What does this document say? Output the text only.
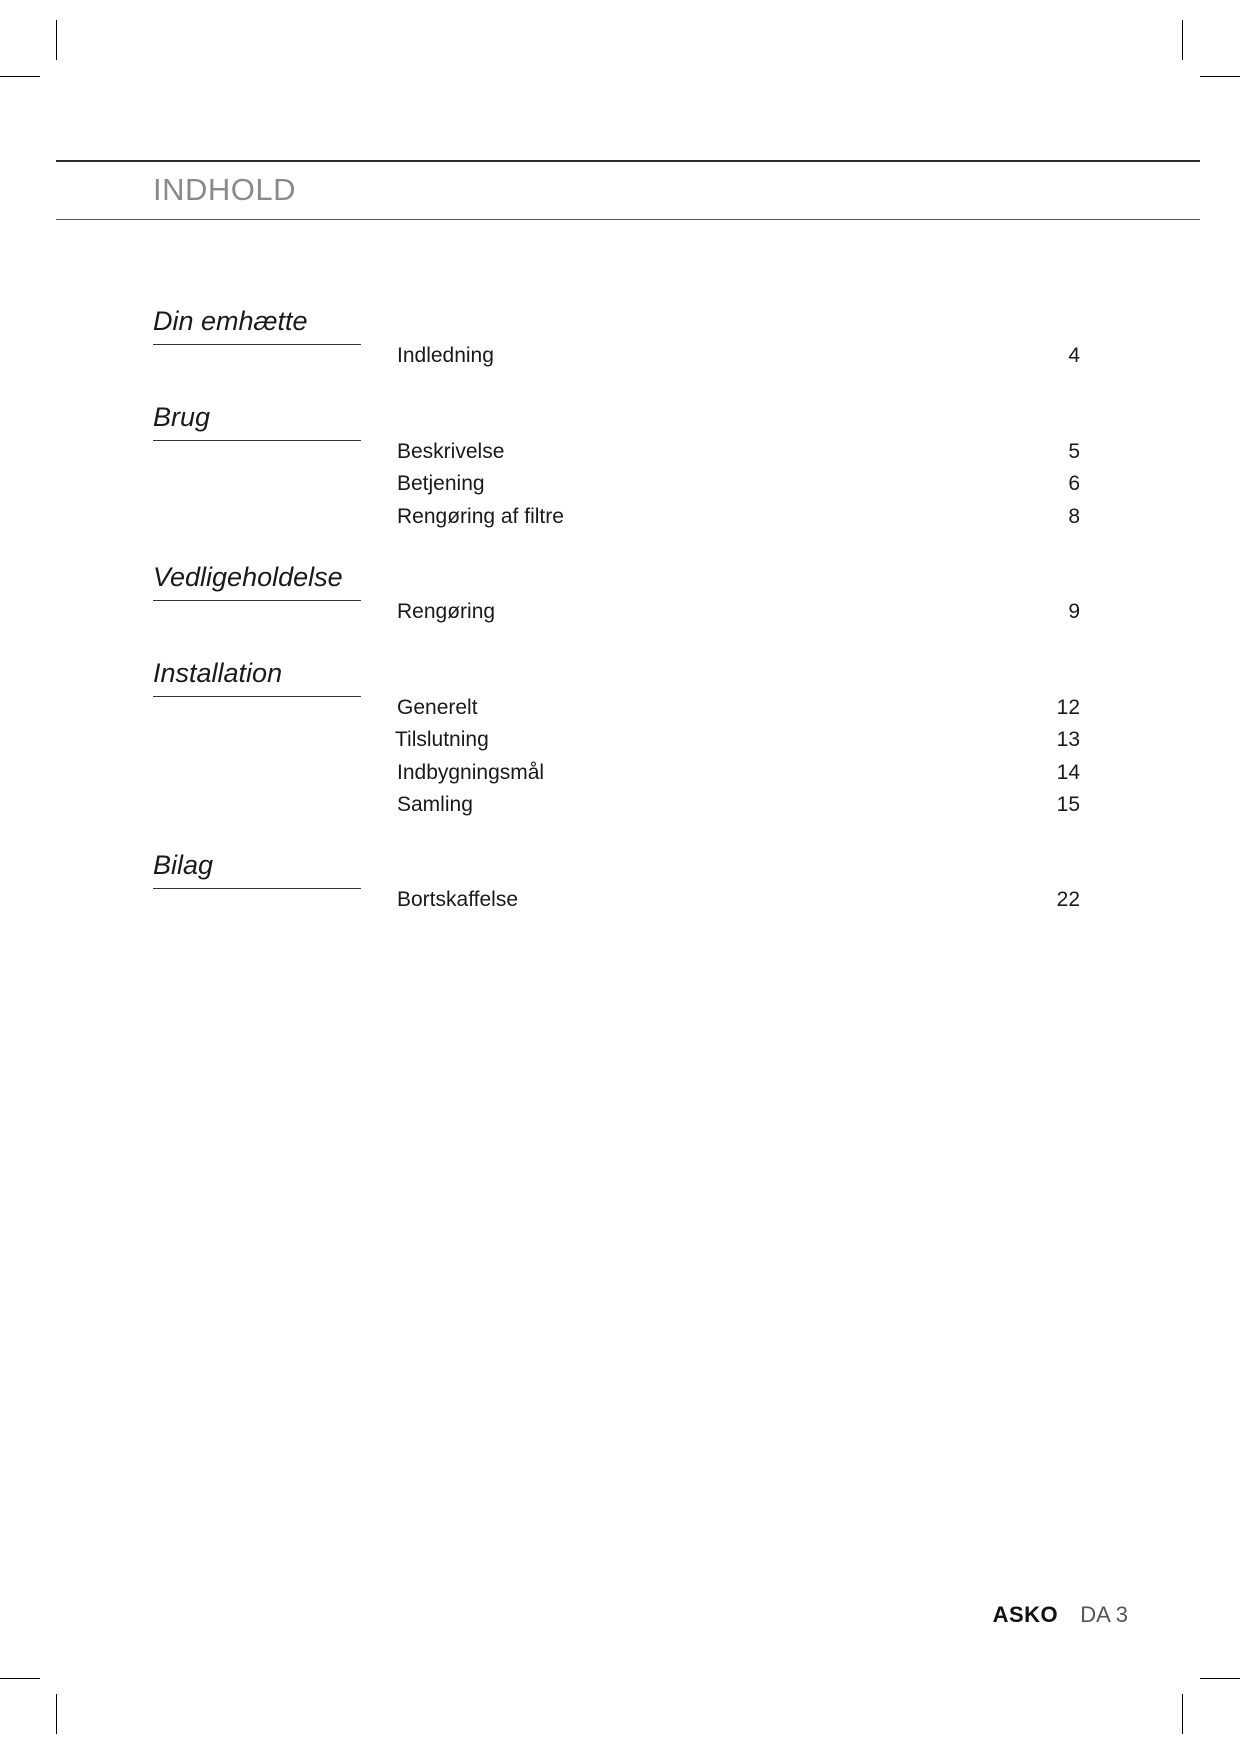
INDHOLD
Din emhætte
Indledning	4
Brug
Beskrivelse	5
Betjening	6
Rengøring af filtre	8
Vedligeholdelse
Rengøring	9
Installation
Generelt	12
Tilslutning	13
Indbygningsmål	14
Samling	15
Bilag
Bortskaffelse	22
ASKO DA 3
